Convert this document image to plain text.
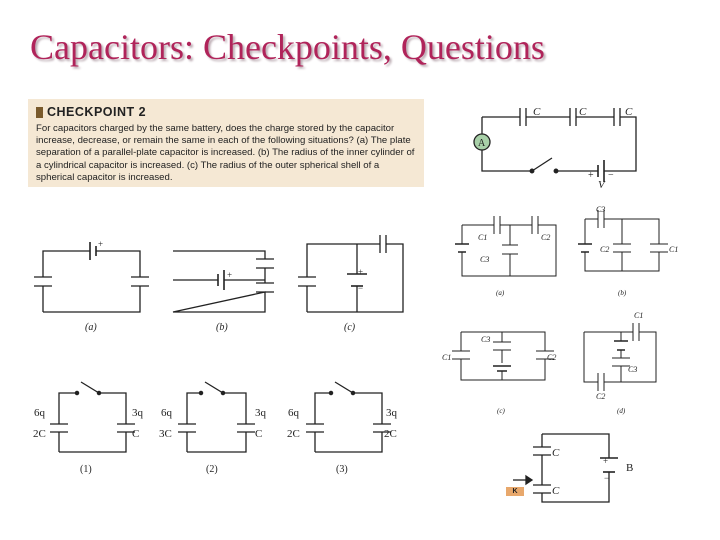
Capacitors: Checkpoints, Questions
CHECKPOINT 2
For capacitors charged by the same battery, does the charge stored by the capacitor increase, decrease, or remain the same in each of the following situations? (a) The plate separation of a parallel-plate capacitor is increased. (b) The radius of the inner cylinder of a cylindrical capacitor is increased. (c) The radius of the outer spherical shell of a spherical capacitor is increased.
A
C	C	C
+ −
V
+
(a)
+
(b)
+
−
(c)
6q
2C
3q
C
(1)
6q
3C
3q
C
(2)
6q
2C
3q
2C
(3)
C1	C2
C3
(a)
C3
C2	C1
(b)
C3
C1	C2
(c)
C1
C3
C2
(d)
C
C
B
+
−
K
